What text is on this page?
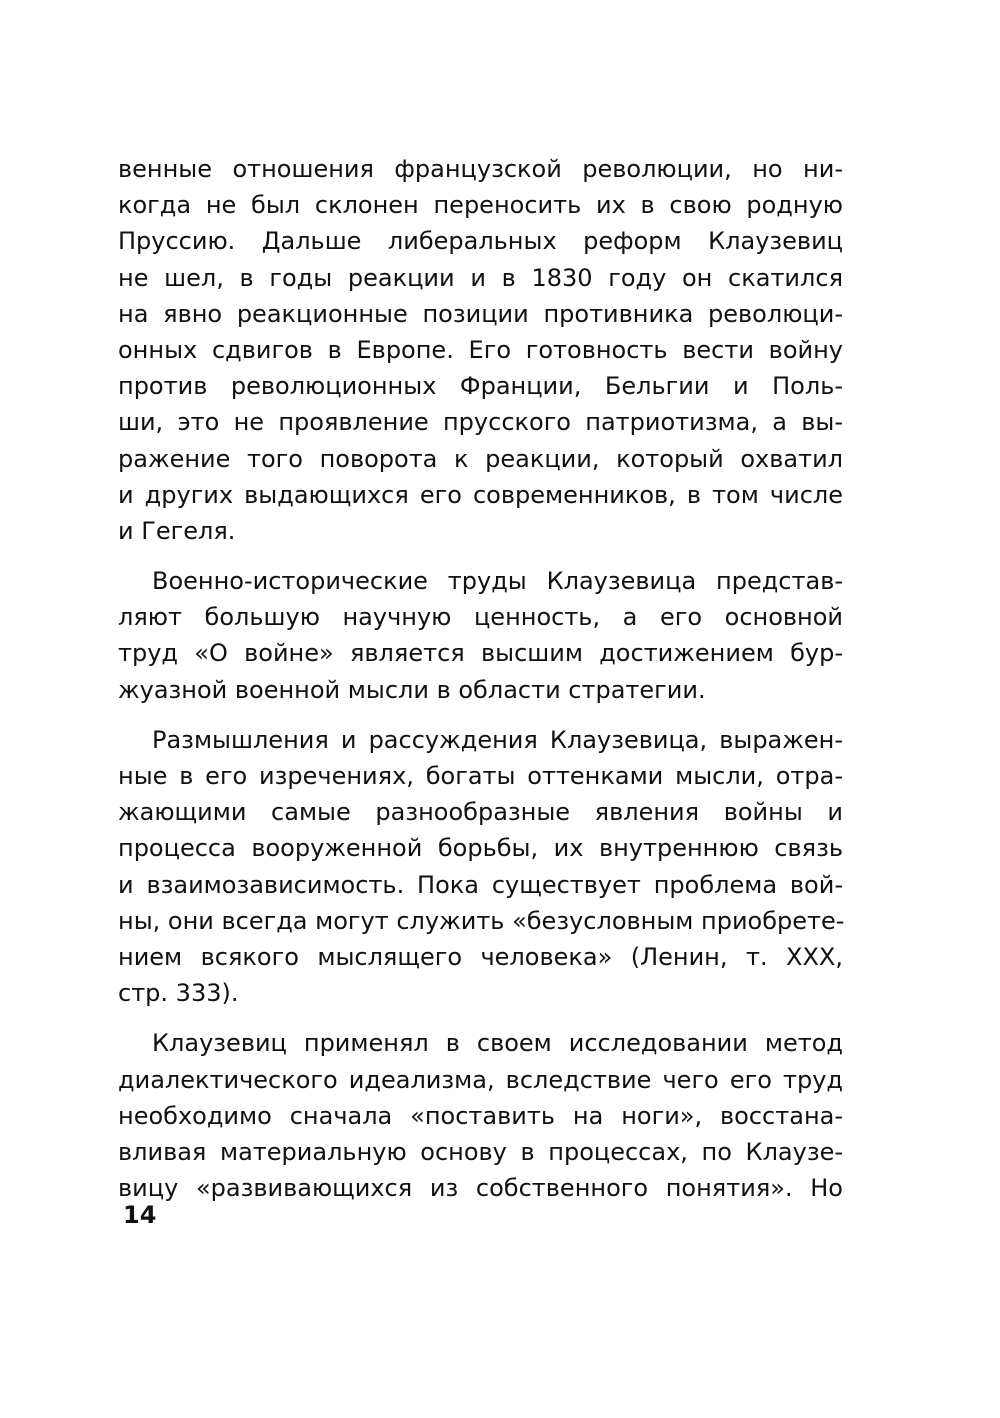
венные отношения французской революции, но ни-
когда не был склонен переносить их в свою родную
Пруссию. Дальше либеральных реформ Клаузевиц
не шел, в годы реакции и в 1830 году он скатился
на явно реакционные позиции противника революци-
онных сдвигов в Европе. Его готовность вести войну
против революционных Франции, Бельгии и Поль-
ши, это не проявление прусского патриотизма, а вы-
ражение того поворота к реакции, который охватил
и других выдающихся его современников, в том числе
и Гегеля.
Военно-исторические труды Клаузевица представ-
ляют большую научную ценность, а его основной
труд «О войне» является высшим достижением бур-
жуазной военной мысли в области стратегии.
Размышления и рассуждения Клаузевица, выражен-
ные в его изречениях, богаты оттенками мысли, отра-
жающими самые разнообразные явления войны и
процесса вооруженной борьбы, их внутреннюю связь
и взаимозависимость. Пока существует проблема вой-
ны, они всегда могут служить «безусловным приобрете-
нием всякого мыслящего человека» (Ленин, т. XXX,
стр. 333).
Клаузевиц применял в своем исследовании метод
диалектического идеализма, вследствие чего его труд
необходимо сначала «поставить на ноги», восстана-
вливая материальную основу в процессах, по Клаузе-
вицу «развивающихся из собственного понятия». Но
14
